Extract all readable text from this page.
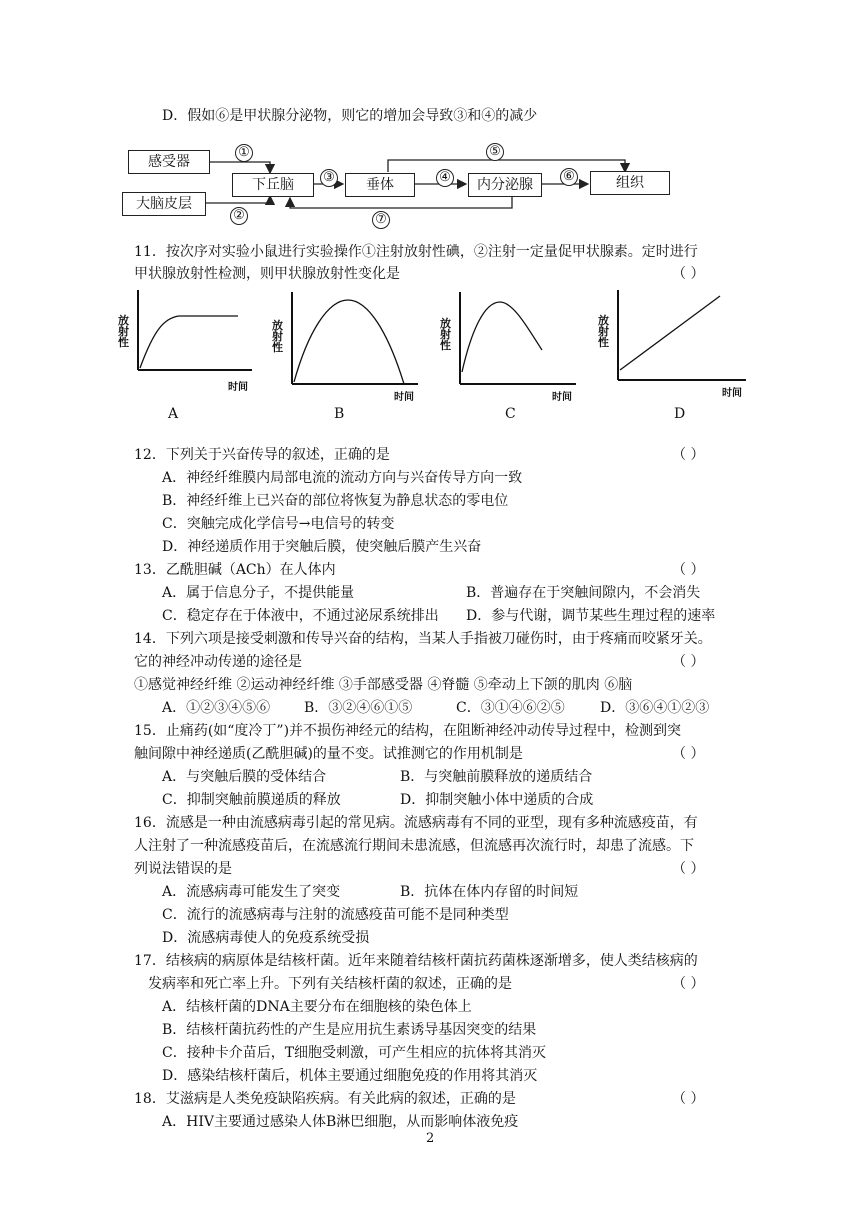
D．假如⑥是甲状腺分泌物，则它的增加会导致③和④的减少
感受器
大脑皮层
下丘脑	垂体	内分泌腺	组织
①
②
③	④
⑤
⑥
⑦
11．按次序对实验小鼠进行实验操作①注射放射性碘，②注射一定量促甲状腺素。定时进行
甲状腺放射性检测，则甲状腺放射性变化是	（ ）
放射性
时间
A
放射性
时间
B
放射性
时间
C
放射性
时间
D
12．下列关于兴奋传导的叙述，正确的是	（ ）
A．神经纤维膜内局部电流的流动方向与兴奋传导方向一致
B．神经纤维上已兴奋的部位将恢复为静息状态的零电位
C．突触完成化学信号→电信号的转变
D．神经递质作用于突触后膜，使突触后膜产生兴奋
13．乙酰胆碱（ACh）在人体内	（ ）
A．属于信息分子，不提供能量	B．普遍存在于突触间隙内，不会消失
C．稳定存在于体液中，不通过泌尿系统排出 D．参与代谢，调节某些生理过程的速率
14．下列六项是接受刺激和传导兴奋的结构，当某人手指被刀碰伤时，由于疼痛而咬紧牙关。
它的神经冲动传递的途径是	（ ）
①感觉神经纤维 ②运动神经纤维 ③手部感受器 ④脊髓 ⑤牵动上下颌的肌肉 ⑥脑
A．①②③④⑤⑥ B．③②④⑥①⑤	C．③①④⑥②⑤	D．③⑥④①②③
15．止痛药(如“度冷丁”)并不损伤神经元的结构，在阻断神经冲动传导过程中，检测到突
触间隙中神经递质(乙酰胆碱)的量不变。试推测它的作用机制是	（ ）
A．与突触后膜的受体结合	B．与突触前膜释放的递质结合
C．抑制突触前膜递质的释放	D．抑制突触小体中递质的合成
16．流感是一种由流感病毒引起的常见病。流感病毒有不同的亚型，现有多种流感疫苗，有
人注射了一种流感疫苗后，在流感流行期间未患流感，但流感再次流行时，却患了流感。下
列说法错误的是	（ ）
A．流感病毒可能发生了突变	B．抗体在体内存留的时间短
C．流行的流感病毒与注射的流感疫苗可能不是同种类型
D．流感病毒使人的免疫系统受损
17．结核病的病原体是结核杆菌。近年来随着结核杆菌抗药菌株逐渐增多，使人类结核病的
发病率和死亡率上升。下列有关结核杆菌的叙述，正确的是	（ ）
A．结核杆菌的DNA主要分布在细胞核的染色体上
B．结核杆菌抗药性的产生是应用抗生素诱导基因突变的结果
C．接种卡介苗后，T细胞受刺激，可产生相应的抗体将其消灭
D．感染结核杆菌后，机体主要通过细胞免疫的作用将其消灭
18．艾滋病是人类免疫缺陷疾病。有关此病的叙述，正确的是	（ ）
A．HIV主要通过感染人体B淋巴细胞，从而影响体液免疫
2
